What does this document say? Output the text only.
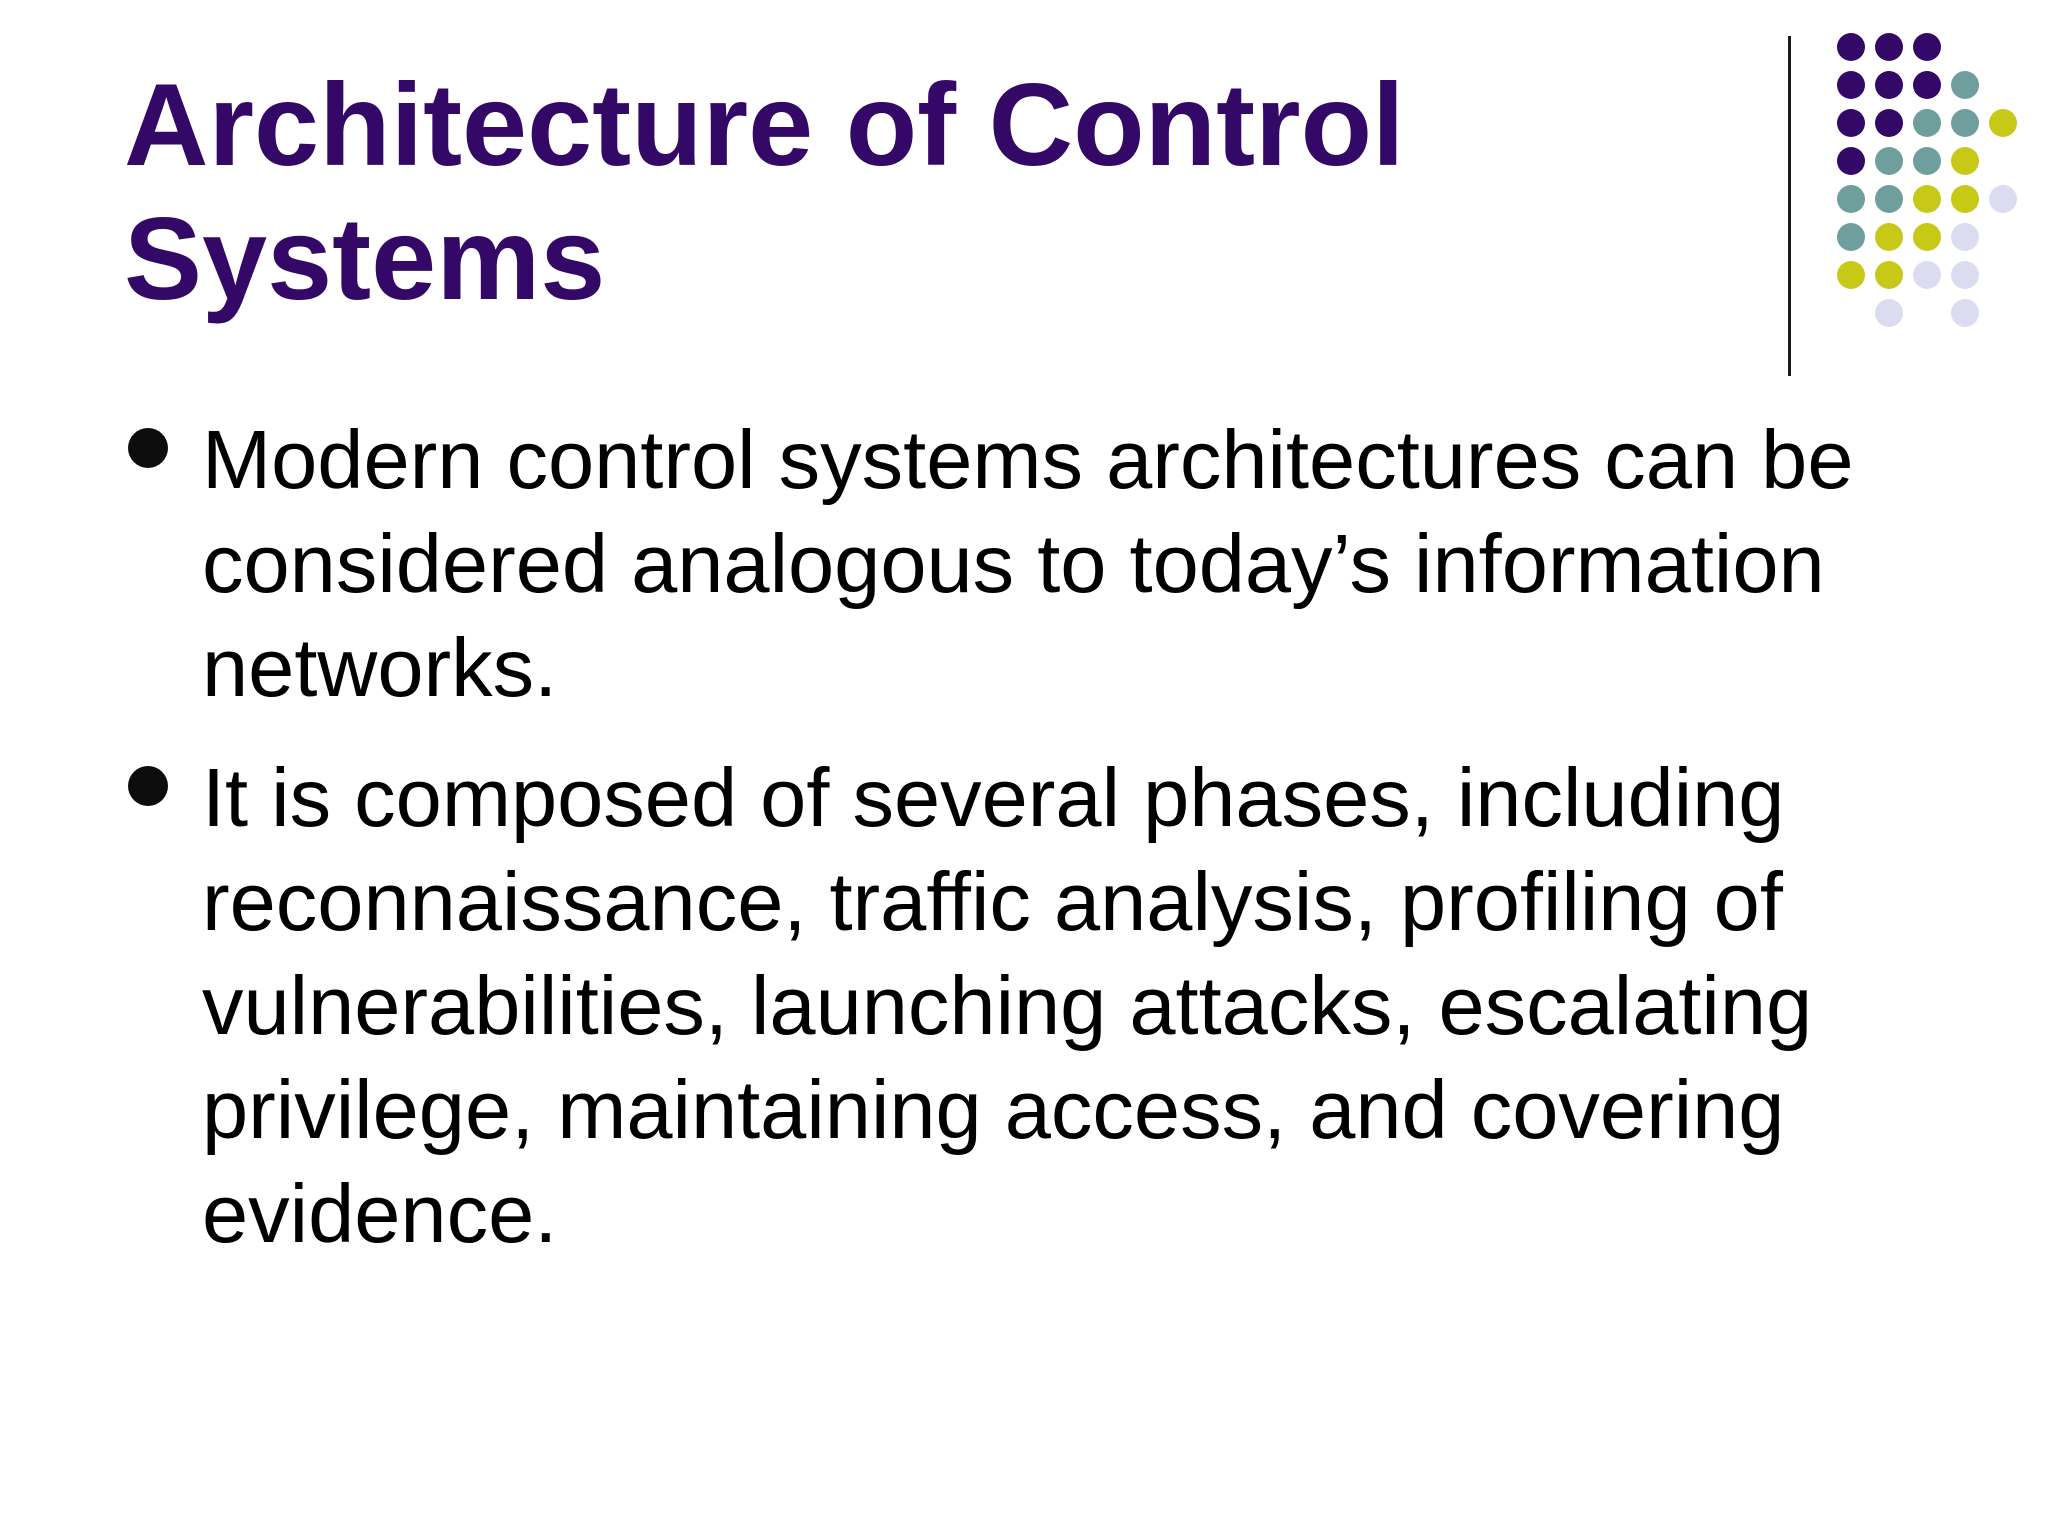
Architecture of Control
Systems
Modern control systems architectures can be
considered analogous to today’s information
networks.
It is composed of several phases, including
reconnaissance, traffic analysis, profiling of
vulnerabilities, launching attacks, escalating
privilege, maintaining access, and covering
evidence.
